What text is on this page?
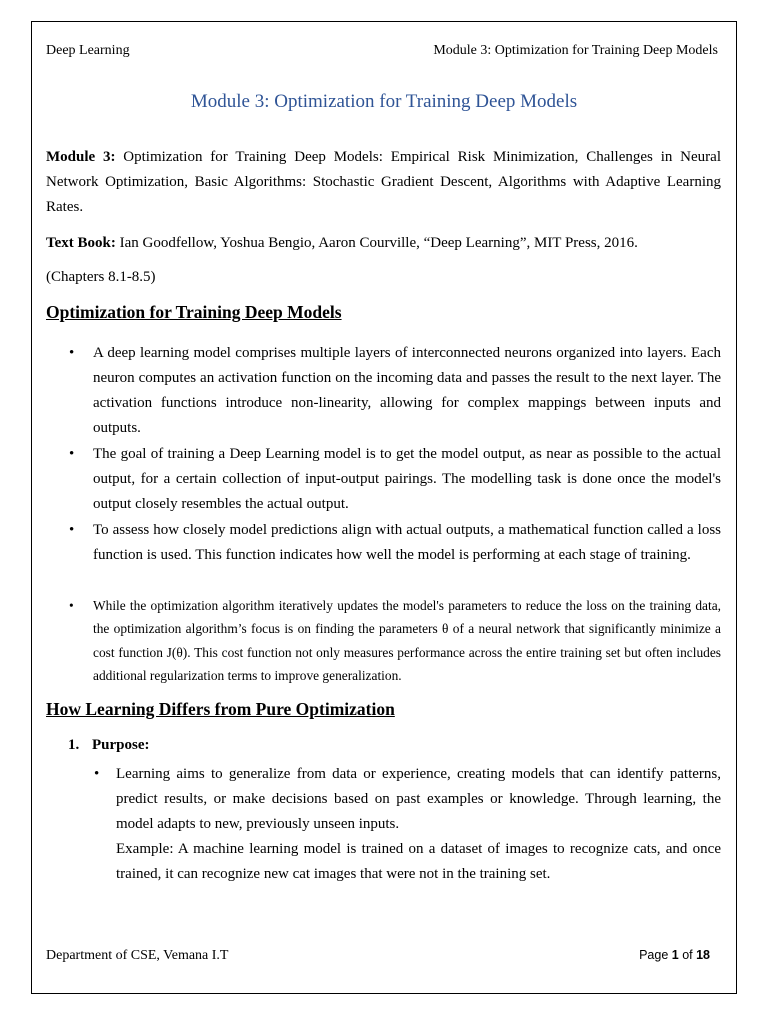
Deep Learning	Module 3: Optimization for Training Deep Models
Module 3: Optimization for Training Deep Models

Module 3: Optimization for Training Deep Models: Empirical Risk Minimization, Challenges in Neural Network Optimization, Basic Algorithms: Stochastic Gradient Descent, Algorithms with Adaptive Learning Rates.

Text Book: Ian Goodfellow, Yoshua Bengio, Aaron Courville, “Deep Learning”, MIT Press, 2016.

(Chapters 8.1-8.5)

Optimization for Training Deep Models

• A deep learning model comprises multiple layers of interconnected neurons organized into layers. Each neuron computes an activation function on the incoming data and passes the result to the next layer. The activation functions introduce non-linearity, allowing for complex mappings between inputs and outputs.

• The goal of training a Deep Learning model is to get the model output, as near as possible to the actual output, for a certain collection of input-output pairings. The modelling task is done once the model's output closely resembles the actual output.

• To assess how closely model predictions align with actual outputs, a mathematical function called a loss function is used. This function indicates how well the model is performing at each stage of training.

• While the optimization algorithm iteratively updates the model's parameters to reduce the loss on the training data, the optimization algorithm’s focus is on finding the parameters θ of a neural network that significantly minimize a cost function J(θ). This cost function not only measures performance across the entire training set but often includes additional regularization terms to improve generalization.

How Learning Differs from Pure Optimization

1. Purpose:

• Learning aims to generalize from data or experience, creating models that can identify patterns, predict results, or make decisions based on past examples or knowledge. Through learning, the model adapts to new, previously unseen inputs.

Example: A machine learning model is trained on a dataset of images to recognize cats, and once trained, it can recognize new cat images that were not in the training set.

Department of CSE, Vemana I.T	Page 1 of 18
